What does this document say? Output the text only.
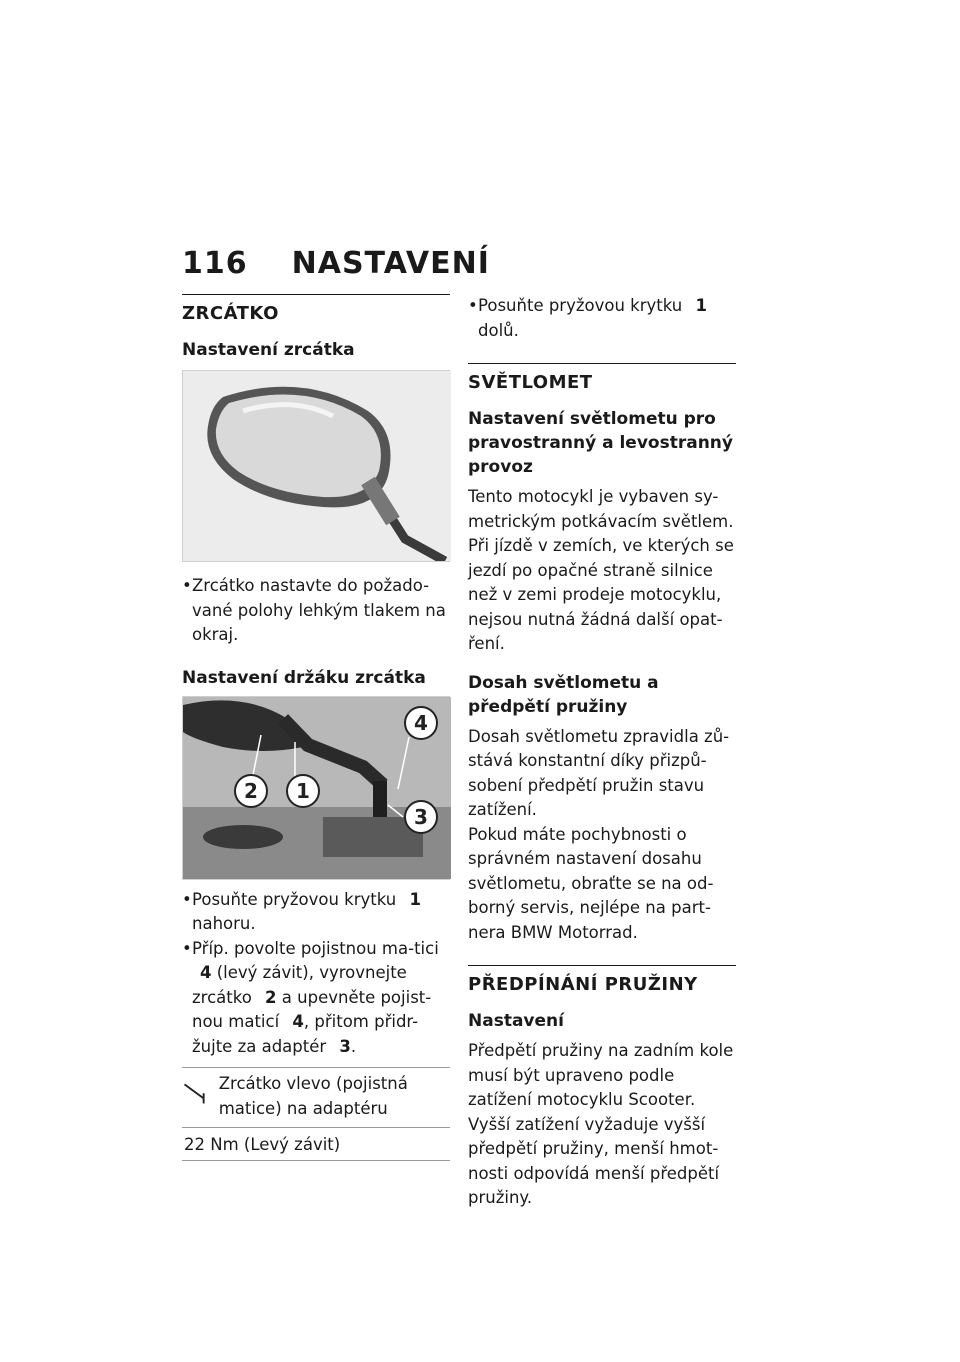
116 NASTAVENÍ
ZRCÁTKO
Nastavení zrcátka
• Zrcátko nastavte do požado-vané polohy lehkým tlakem na okraj.
Nastavení držáku zrcátka
4
2 1
3
• Posuňte pryžovou krytku 1
nahoru.
• Příp. povolte pojistnou ma-tici 4 (levý závit), vyrovnejte zrcátko 2 a upevněte pojist-nou maticí 4, přitom přidr-žujte za adaptér 3.
Zrcátko vlevo (pojistná matice) na adaptéru
22 Nm (Levý závit)
• Posuňte pryžovou krytku 1
dolů.
SVĚTLOMET
Nastavení světlometu pro pravostranný a levostranný provoz

Tento motocykl je vybaven sy-metrickým potkávacím světlem. Při jízdě v zemích, ve kterých se jezdí po opačné straně silnice než v zemi prodeje motocyklu, nejsou nutná žádná další opat-ření.

Dosah světlometu a předpětí pružiny

Dosah světlometu zpravidla zů-stává konstantní díky přizpů-sobení předpětí pružin stavu zatížení.

Pokud máte pochybnosti o správném nastavení dosahu světlometu, obraťte se na od-borný servis, nejlépe na part-nera BMW Motorrad.

PŘEDPÍNÁNÍ PRUŽINY
Nastavení

Předpětí pružiny na zadním kole musí být upraveno podle zatížení motocyklu Scooter. Vyšší zatížení vyžaduje vyšší předpětí pružiny, menší hmot-nosti odpovídá menší předpětí pružiny.
